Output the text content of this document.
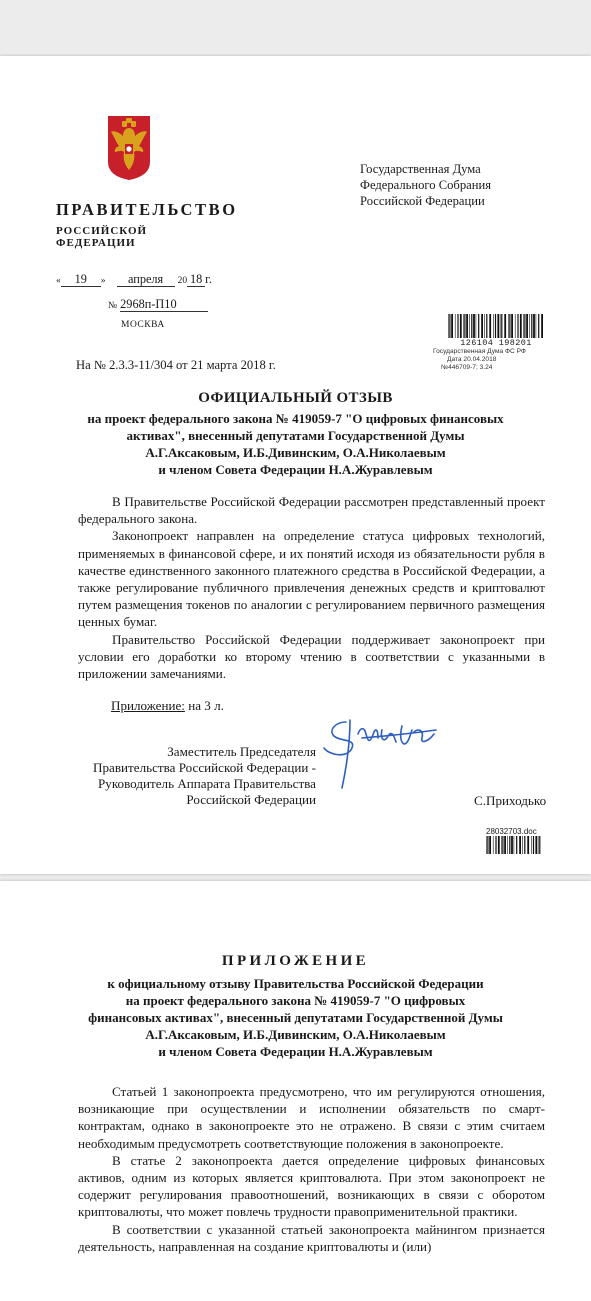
ПРАВИТЕЛЬСТВО
РОССИЙСКОЙ ФЕДЕРАЦИИ
Государственная Дума
Федерального Собрания
Российской Федерации
« 19 » апреля 20 18 г.
№ 2968п-П10
МОСКВА
На № 2.3.3-11/304 от 21 марта 2018 г.
126104 198201
Государственная Дума ФС РФ
Дата 20.04.2018
№446709-7; 3.24
ОФИЦИАЛЬНЫЙ ОТЗЫВ
на проект федерального закона № 419059-7 "О цифровых финансовых
активах", внесенный депутатами Государственной Думы
А.Г.Аксаковым, И.Б.Дивинским, О.А.Николаевым
и членом Совета Федерации Н.А.Журавлевым

В Правительстве Российской Федерации рассмотрен представленный проект федерального закона.

Законопроект направлен на определение статуса цифровых технологий, применяемых в финансовой сфере, и их понятий исходя из обязательности рубля в качестве единственного законного платежного средства в Российской Федерации, а также регулирование публичного привлечения денежных средств и криптовалют путем размещения токенов по аналогии с регулированием первичного размещения ценных бумаг.

Правительство Российской Федерации поддерживает законопроект при условии его доработки ко второму чтению в соответствии с указанными в приложении замечаниями.

Приложение: на 3 л.
Заместитель Председателя
Правительства Российской Федерации -
Руководитель Аппарата Правительства
Российской Федерации	С.Приходько
28032703.doc
ПРИЛОЖЕНИЕ
к официальному отзыву Правительства Российской Федерации
на проект федерального закона № 419059-7 "О цифровых
финансовых активах", внесенный депутатами Государственной Думы
А.Г.Аксаковым, И.Б.Дивинским, О.А.Николаевым
и членом Совета Федерации Н.А.Журавлевым

Статьей 1 законопроекта предусмотрено, что им регулируются отношения, возникающие при осуществлении и исполнении обязательств по смарт-контрактам, однако в законопроекте это не отражено. В связи с этим считаем необходимым предусмотреть соответствующие положения в законопроекте.

В статье 2 законопроекта дается определение цифровых финансовых активов, одним из которых является криптовалюта. При этом законопроект не содержит регулирования правоотношений, возникающих в связи с оборотом криптовалюты, что может повлечь трудности правоприменительной практики.

В соответствии с указанной статьей законопроекта майнингом признается деятельность, направленная на создание криптовалюты и (или)
